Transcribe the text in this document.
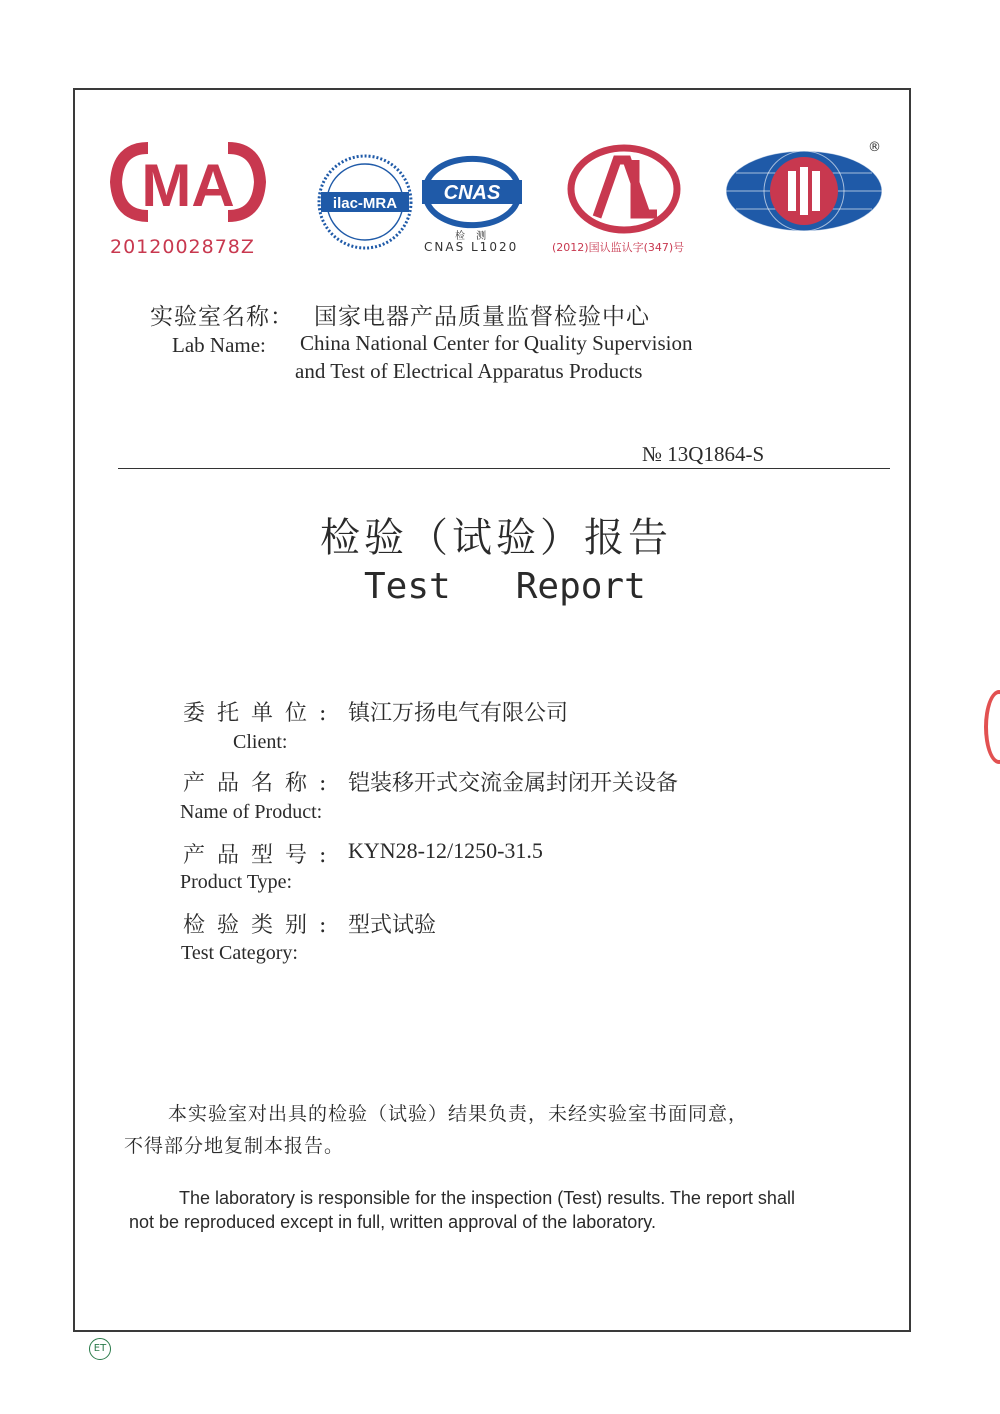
MA
2012002878Z
ilac-MRA CNAS
检 测
CNAS L1020	(2012)国认监认字(347)号
®
实验室名称： 国家电器产品质量监督检验中心
Lab Name: China National Center for Quality Supervision
and Test of Electrical Apparatus Products
№ 13Q1864-S
检验（试验）报告
Test   Report
委托单位: 镇江万扬电气有限公司
Client:
产品名称: 铠装移开式交流金属封闭开关设备
Name of Product:
产品型号: KYN28-12/1250-31.5
Product Type:
检验类别: 型式试验
Test Category:
本实验室对出具的检验（试验）结果负责，未经实验室书面同意，
不得部分地复制本报告。
The laboratory is responsible for the inspection (Test) results. The report shall
not be reproduced except in full, written approval of the laboratory.
ET
